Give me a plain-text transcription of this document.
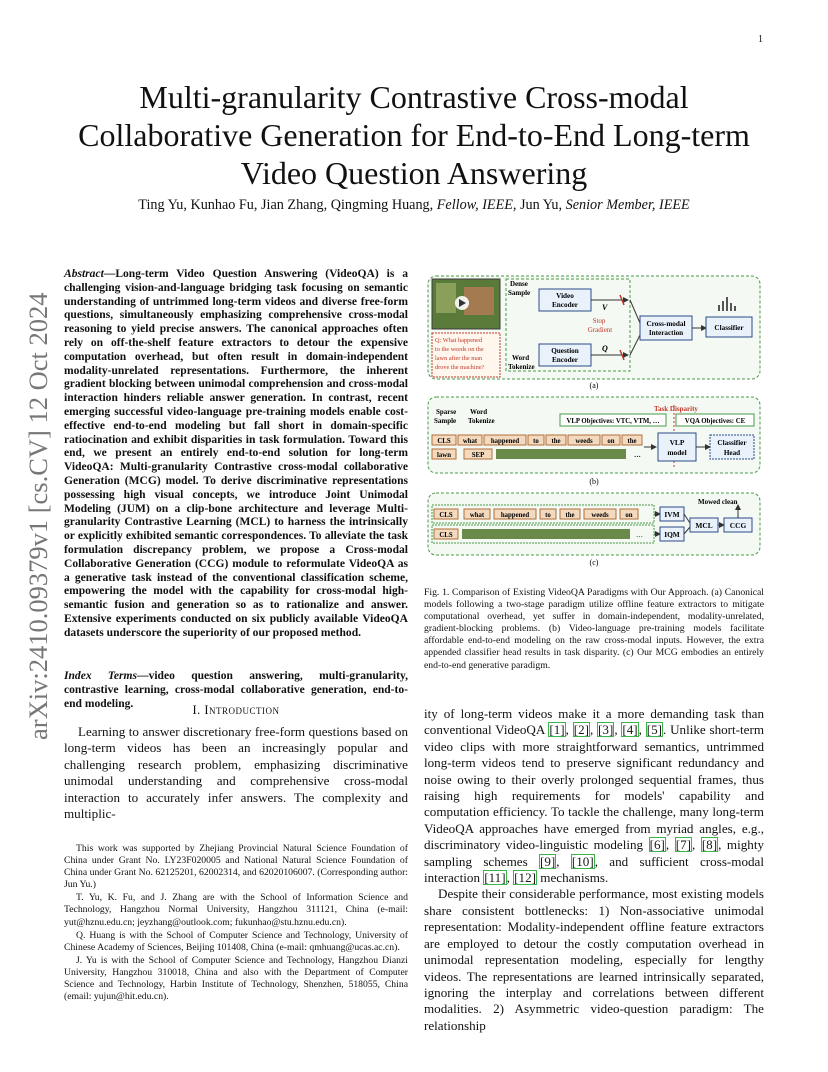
1
arXiv:2410.09379v1 [cs.CV] 12 Oct 2024
Multi-granularity Contrastive Cross-modal Collaborative Generation for End-to-End Long-term Video Question Answering
Ting Yu, Kunhao Fu, Jian Zhang, Qingming Huang, Fellow, IEEE, Jun Yu, Senior Member, IEEE
Abstract—Long-term Video Question Answering (VideoQA) is a challenging vision-and-language bridging task focusing on semantic understanding of untrimmed long-term videos and diverse free-form questions, simultaneously emphasizing comprehensive cross-modal reasoning to yield precise answers. The canonical approaches often rely on off-the-shelf feature extractors to detour the expensive computation overhead, but often result in domain-independent modality-unrelated representations. Furthermore, the inherent gradient blocking between unimodal comprehension and cross-modal interaction hinders reliable answer generation. In contrast, recent emerging successful video-language pre-training models enable cost-effective end-to-end modeling but fall short in domain-specific ratiocination and exhibit disparities in task formulation. Toward this end, we present an entirely end-to-end solution for long-term VideoQA: Multi-granularity Contrastive cross-modal collaborative Generation (MCG) model. To derive discriminative representations possessing high visual concepts, we introduce Joint Unimodal Modeling (JUM) on a clip-bone architecture and leverage Multi-granularity Contrastive Learning (MCL) to harness the intrinsically or explicitly exhibited semantic correspondences. To alleviate the task formulation discrepancy problem, we propose a Cross-modal Collaborative Generation (CCG) module to reformulate VideoQA as a generative task instead of the conventional classification scheme, empowering the model with the capability for cross-modal high-semantic fusion and generation so as to rationalize and answer. Extensive experiments conducted on six publicly available VideoQA datasets underscore the superiority of our proposed method.
Index Terms—video question answering, multi-granularity, contrastive learning, cross-modal collaborative generation, end-to-end modeling.	I. Introduction

Learning to answer discretionary free-form questions based on long-term videos has been an increasingly popular and challenging research problem, emphasizing discriminative unimodal understanding and comprehensive cross-modal interaction to accurately infer answers. The complexity and multiplic-

This work was supported by Zhejiang Provincial Natural Science Foundation of China under Grant No. LY23F020005 and National Natural Science Foundation of China under Grant No. 62125201, 62002314, and 62020106007. (Corresponding author: Jun Yu.)

T. Yu, K. Fu, and J. Zhang are with the School of Information Science and Technology, Hangzhou Normal University, Hangzhou 311121, China (e-mail: yut@hznu.edu.cn; jeyzhang@outlook.com; fukunhao@stu.hznu.edu.cn).

Q. Huang is with the School of Computer Science and Technology, University of Chinese Academy of Sciences, Beijing 101408, China (e-mail: qmhuang@ucas.ac.cn).

J. Yu is with the School of Computer Science and Technology, Hangzhou Dianzi University, Hangzhou 310018, China and also with the Department of Computer Science and Technology, Harbin Institute of Technology, Shenzhen, 518055, China (email: yujun@hit.edu.cn).

Q: What happened
to the weeds on the
lawn after the man
drove the machine?
Dense
Sample	Video
Encoder
Question
Encoder
Word
Tokenize
V
Q
Stop
Gradient
Cross-modal
Interaction
Classifier
(a)
Sparse
Sample
Word
Tokenize
Task Disparity
VLP Objectives: VTC, VTM, …	VQA Objectives: CE
CLS what happened to the weeds on the
lawn	SEP	…
VLP
model
Classifier
Head
(b)
CLS	what happened to the weeds on
CLS	…
IVM
IQM
MCL CCG
Mowed clean
(c)
Fig. 1. Comparison of Existing VideoQA Paradigms with Our Approach. (a) Canonical models following a two-stage paradigm utilize offline feature extractors to mitigate computational overhead, yet suffer in domain-independent, modality-unrelated, gradient-blocking problems. (b) Video-language pre-training models facilitate affordable end-to-end modeling on the raw cross-modal inputs. However, the extra appended classifier head results in task disparity. (c) Our MCG embodies an entirely end-to-end generative paradigm.

ity of long-term videos make it a more demanding task than conventional VideoQA [1], [2], [3], [4], [5]. Unlike short-term video clips with more straightforward semantics, untrimmed long-term videos tend to preserve significant redundancy and noise owing to their overly prolonged sequential frames, thus raising high requirements for models' capability and computation efficiency. To tackle the challenge, many long-term VideoQA approaches have emerged from myriad angles, e.g., discriminatory video-linguistic modeling [6], [7], [8], mighty sampling schemes [9], [10], and sufficient cross-modal interaction [11], [12] mechanisms.

Despite their considerable performance, most existing models share consistent bottlenecks: 1) Non-associative unimodal representation: Modality-independent offline feature extractors are employed to detour the costly computation overhead in unimodal representation modeling, especially for lengthy videos. The representations are learned intrinsically separated, ignoring the interplay and correlations between different modalities. 2) Asymmetric video-question paradigm: The relationship
